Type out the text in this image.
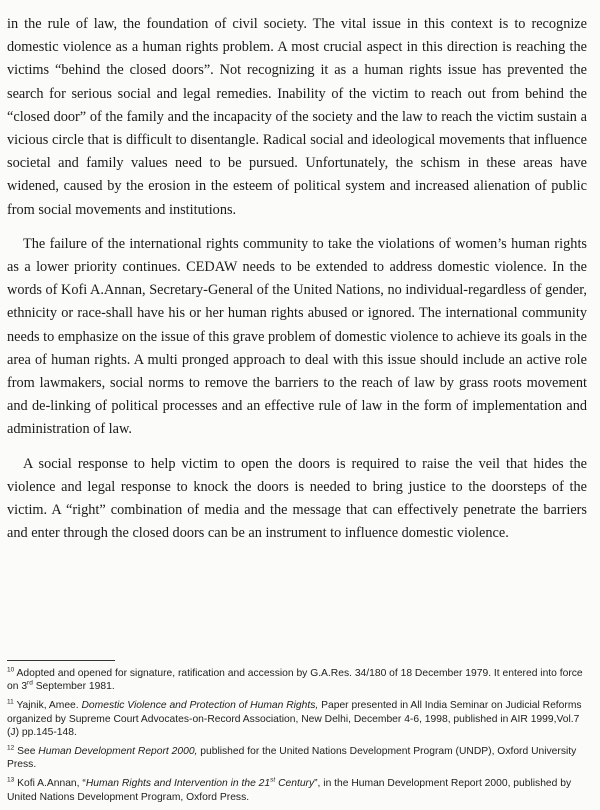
in the rule of law, the foundation of civil society. The vital issue in this context is to recognize domestic violence as a human rights problem. A most crucial aspect in this direction is reaching the victims “behind the closed doors”. Not recognizing it as a human rights issue has prevented the search for serious social and legal remedies. Inability of the victim to reach out from behind the “closed door” of the family and the incapacity of the society and the law to reach the victim sustain a vicious circle that is difficult to disentangle. Radical social and ideological movements that influence societal and family values need to be pursued. Unfortunately, the schism in these areas have widened, caused by the erosion in the esteem of political system and increased alienation of public from social movements and institutions.

The failure of the international rights community to take the violations of women’s human rights as a lower priority continues. CEDAW needs to be extended to address domestic violence. In the words of Kofi A.Annan, Secretary-General of the United Nations, no individual-regardless of gender, ethnicity or race-shall have his or her human rights abused or ignored. The international community needs to emphasize on the issue of this grave problem of domestic violence to achieve its goals in the area of human rights. A multi pronged approach to deal with this issue should include an active role from lawmakers, social norms to remove the barriers to the reach of law by grass roots movement and de-linking of political processes and an effective rule of law in the form of implementation and administration of law.

A social response to help victim to open the doors is required to raise the veil that hides the violence and legal response to knock the doors is needed to bring justice to the doorsteps of the victim. A “right” combination of media and the message that can effectively penetrate the barriers and enter through the closed doors can be an instrument to influence domestic violence.

$^{10}$ Adopted and opened for signature, ratification and accession by G.A.Res. 34/180 of 18 December 1979. It entered into force on 3rd September 1981.

$^{11}$ Yajnik, Amee. Domestic Violence and Protection of Human Rights, Paper presented in All India Seminar on Judicial Reforms organized by Supreme Court Advocates-on-Record Association, New Delhi, December 4-6, 1998, published in AIR 1999,Vol.7 (J) pp.145-148.

$^{12}$ See Human Development Report 2000, published for the United Nations Development Program (UNDP), Oxford University Press.

$^{13}$ Kofi A.Annan, “Human Rights and Intervention in the 21st Century”, in the Human Development Report 2000, published by United Nations Development Program, Oxford Press.
